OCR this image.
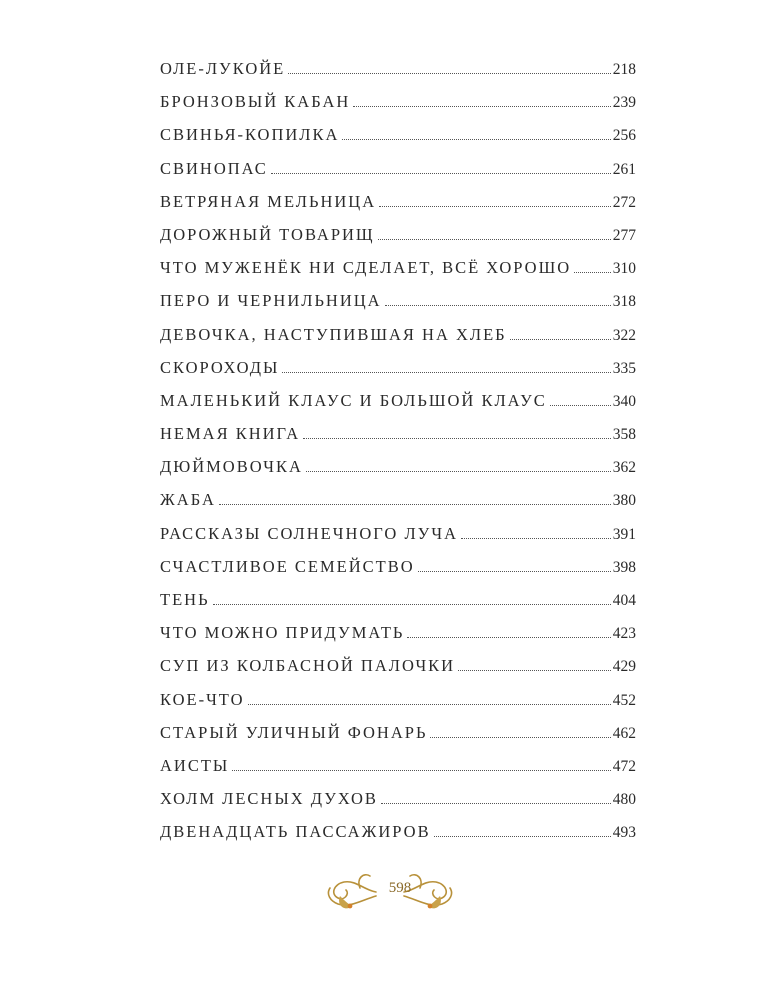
ОЛЕ-ЛУКОЙЕ	218
БРОНЗОВЫЙ КАБАН	239
СВИНЬЯ-КОПИЛКА	256
СВИНОПАС	261
ВЕТРЯНАЯ МЕЛЬНИЦА	272
ДОРОЖНЫЙ ТОВАРИЩ	277
ЧТО МУЖЕНЁК НИ СДЕЛАЕТ, ВСЁ ХОРОШО	310
ПЕРО И ЧЕРНИЛЬНИЦА	318
ДЕВОЧКА, НАСТУПИВШАЯ НА ХЛЕБ	322
СКОРОХОДЫ	335
МАЛЕНЬКИЙ КЛАУС И БОЛЬШОЙ КЛАУС	340
НЕМАЯ КНИГА	358
ДЮЙМОВОЧКА	362
ЖАБА	380
РАССКАЗЫ СОЛНЕЧНОГО ЛУЧА	391
СЧАСТЛИВОЕ СЕМЕЙСТВО	398
ТЕНЬ	404
ЧТО МОЖНО ПРИДУМАТЬ	423
СУП ИЗ КОЛБАСНОЙ ПАЛОЧКИ	429
КОЕ-ЧТО	452
СТАРЫЙ УЛИЧНЫЙ ФОНАРЬ	462
АИСТЫ	472
ХОЛМ ЛЕСНЫХ ДУХОВ	480
ДВЕНАДЦАТЬ ПАССАЖИРОВ	493
598
